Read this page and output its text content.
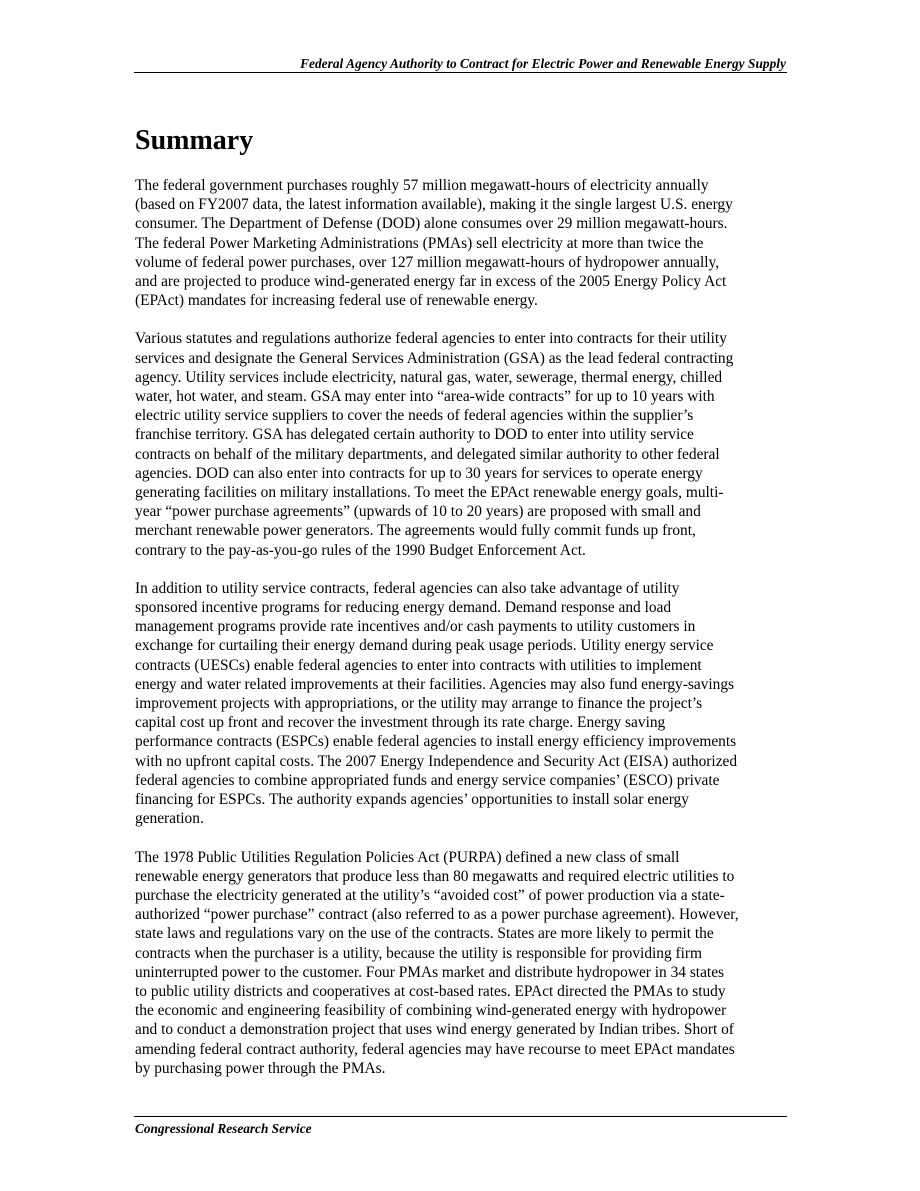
Federal Agency Authority to Contract for Electric Power and Renewable Energy Supply
Summary

The federal government purchases roughly 57 million megawatt-hours of electricity annually
(based on FY2007 data, the latest information available), making it the single largest U.S. energy
consumer. The Department of Defense (DOD) alone consumes over 29 million megawatt-hours.
The federal Power Marketing Administrations (PMAs) sell electricity at more than twice the
volume of federal power purchases, over 127 million megawatt-hours of hydropower annually,
and are projected to produce wind-generated energy far in excess of the 2005 Energy Policy Act
(EPAct) mandates for increasing federal use of renewable energy.

Various statutes and regulations authorize federal agencies to enter into contracts for their utility
services and designate the General Services Administration (GSA) as the lead federal contracting
agency. Utility services include electricity, natural gas, water, sewerage, thermal energy, chilled
water, hot water, and steam. GSA may enter into “area-wide contracts” for up to 10 years with
electric utility service suppliers to cover the needs of federal agencies within the supplier’s
franchise territory. GSA has delegated certain authority to DOD to enter into utility service
contracts on behalf of the military departments, and delegated similar authority to other federal
agencies. DOD can also enter into contracts for up to 30 years for services to operate energy
generating facilities on military installations. To meet the EPAct renewable energy goals, multi-
year “power purchase agreements” (upwards of 10 to 20 years) are proposed with small and
merchant renewable power generators. The agreements would fully commit funds up front,
contrary to the pay-as-you-go rules of the 1990 Budget Enforcement Act.

In addition to utility service contracts, federal agencies can also take advantage of utility
sponsored incentive programs for reducing energy demand. Demand response and load
management programs provide rate incentives and/or cash payments to utility customers in
exchange for curtailing their energy demand during peak usage periods. Utility energy service
contracts (UESCs) enable federal agencies to enter into contracts with utilities to implement
energy and water related improvements at their facilities. Agencies may also fund energy-savings
improvement projects with appropriations, or the utility may arrange to finance the project’s
capital cost up front and recover the investment through its rate charge. Energy saving
performance contracts (ESPCs) enable federal agencies to install energy efficiency improvements
with no upfront capital costs. The 2007 Energy Independence and Security Act (EISA) authorized
federal agencies to combine appropriated funds and energy service companies’ (ESCO) private
financing for ESPCs. The authority expands agencies’ opportunities to install solar energy
generation.

The 1978 Public Utilities Regulation Policies Act (PURPA) defined a new class of small
renewable energy generators that produce less than 80 megawatts and required electric utilities to
purchase the electricity generated at the utility’s “avoided cost” of power production via a state-
authorized “power purchase” contract (also referred to as a power purchase agreement). However,
state laws and regulations vary on the use of the contracts. States are more likely to permit the
contracts when the purchaser is a utility, because the utility is responsible for providing firm
uninterrupted power to the customer. Four PMAs market and distribute hydropower in 34 states
to public utility districts and cooperatives at cost-based rates. EPAct directed the PMAs to study
the economic and engineering feasibility of combining wind-generated energy with hydropower
and to conduct a demonstration project that uses wind energy generated by Indian tribes. Short of
amending federal contract authority, federal agencies may have recourse to meet EPAct mandates
by purchasing power through the PMAs.

Congressional Research Service
